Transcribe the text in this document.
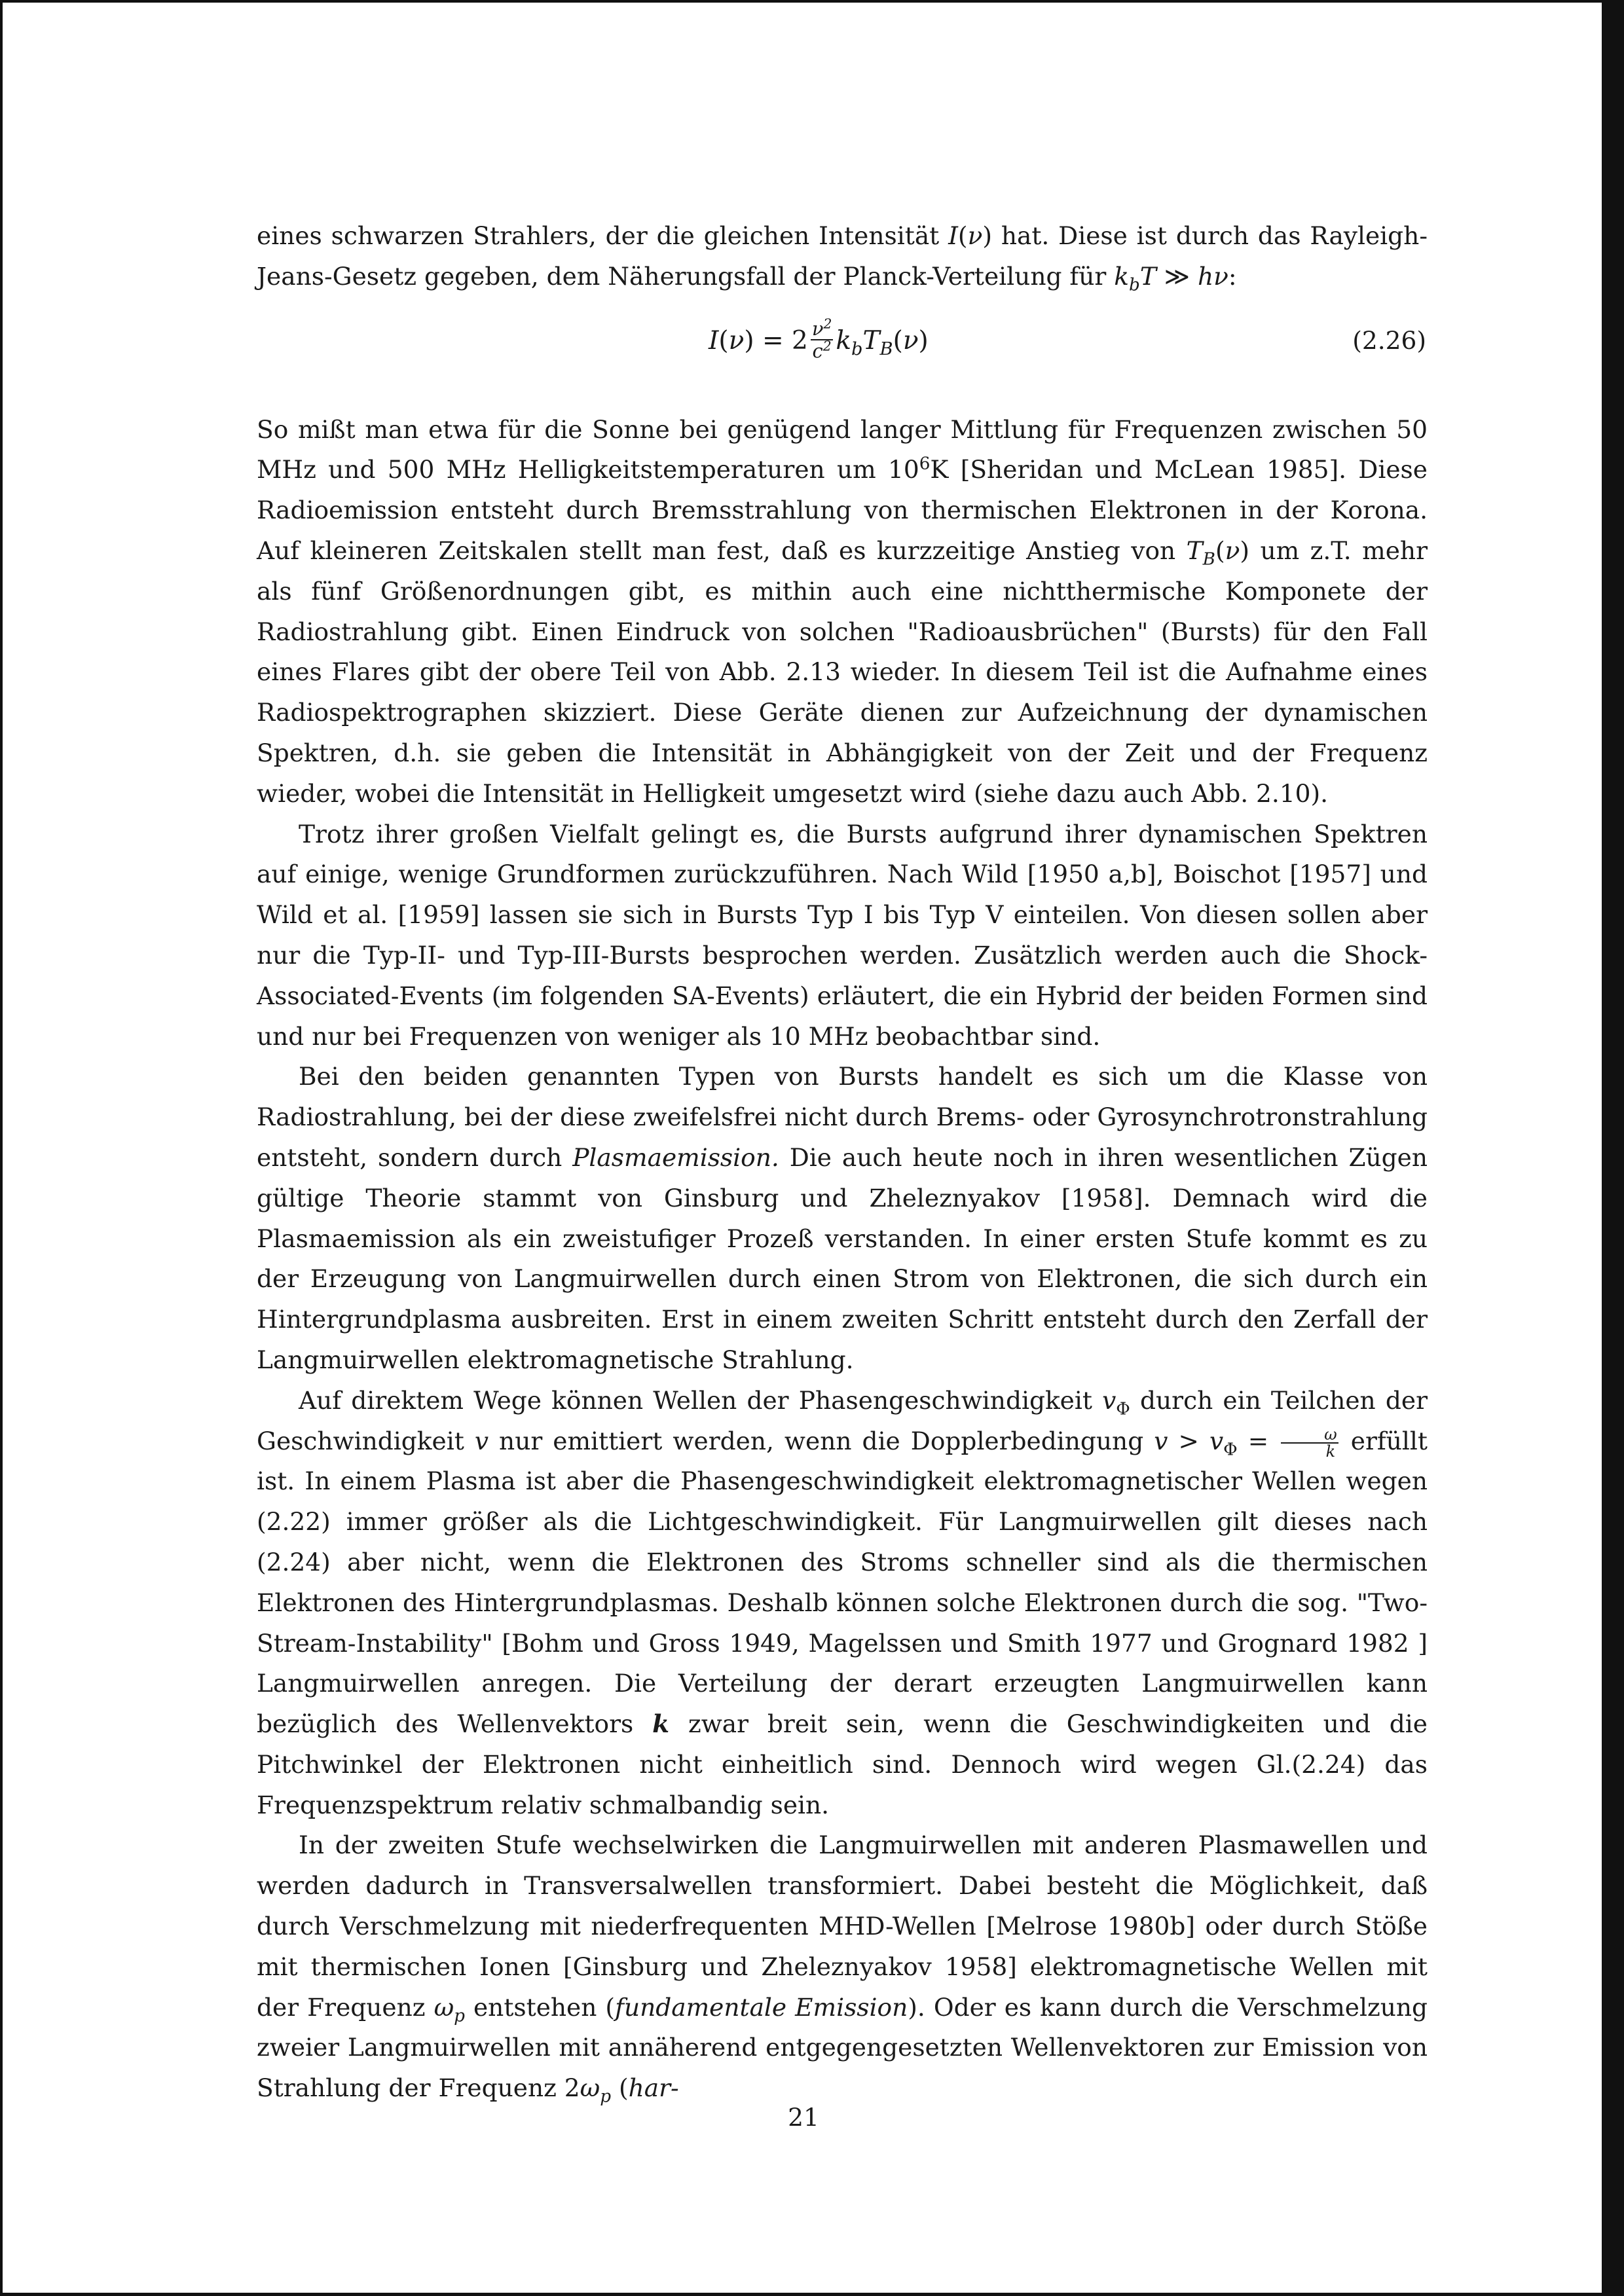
eines schwarzen Strahlers, der die gleichen Intensität I(ν) hat. Diese ist durch das Rayleigh-Jeans-Gesetz gegeben, dem Näherungsfall der Planck-Verteilung für $k_bT$ ≫ hν:

$I(\nu) = 2 \frac{\nu^2}{c^2} k_bT_B(\nu)$	(2.26)

So mißt man etwa für die Sonne bei genügend langer Mittlung für Frequenzen zwischen 50 MHz und 500 MHz Helligkeitstemperaturen um $10^6K$ [Sheridan und McLean 1985]. Diese Radioemission entsteht durch Bremsstrahlung von thermischen Elektronen in der Korona. Auf kleineren Zeitskalen stellt man fest, daß es kurzzeitige Anstieg von $T_B(\nu)$ um z.T. mehr als fünf Größenordnungen gibt, es mithin auch eine nichtthermische Komponete der Radiostrahlung gibt. Einen Eindruck von solchen "Radioausbrüchen" (Bursts) für den Fall eines Flares gibt der obere Teil von Abb. 2.13 wieder. In diesem Teil ist die Aufnahme eines Radiospektrographen skizziert. Diese Geräte dienen zur Aufzeichnung der dynamischen Spektren, d.h. sie geben die Intensität in Abhängigkeit von der Zeit und der Frequenz wieder, wobei die Intensität in Helligkeit umgesetzt wird (siehe dazu auch Abb. 2.10).

Trotz ihrer großen Vielfalt gelingt es, die Bursts aufgrund ihrer dynamischen Spektren auf einige, wenige Grundformen zurückzuführen. Nach Wild [1950 a,b], Boischot [1957] und Wild et al. [1959] lassen sie sich in Bursts Typ I bis Typ V einteilen. Von diesen sollen aber nur die Typ-II- und Typ-III-Bursts besprochen werden. Zusätzlich werden auch die Shock-Associated-Events (im folgenden SA-Events) erläutert, die ein Hybrid der beiden Formen sind und nur bei Frequenzen von weniger als 10 MHz beobachtbar sind.

Bei den beiden genannten Typen von Bursts handelt es sich um die Klasse von Radiostrahlung, bei der diese zweifelsfrei nicht durch Brems- oder Gyrosynchrotronstrahlung entsteht, sondern durch Plasmaemission. Die auch heute noch in ihren wesentlichen Zügen gültige Theorie stammt von Ginsburg und Zheleznyakov [1958]. Demnach wird die Plasmaemission als ein zweistufiger Prozeß verstanden. In einer ersten Stufe kommt es zu der Erzeugung von Langmuirwellen durch einen Strom von Elektronen, die sich durch ein Hintergrundplasma ausbreiten. Erst in einem zweiten Schritt entsteht durch den Zerfall der Langmuirwellen elektromagnetische Strahlung.

Auf direktem Wege können Wellen der Phasengeschwindigkeit $v_\Phi$ durch ein Teilchen der Geschwindigkeit v nur emittiert werden, wenn die Dopplerbedingung $v > v_\Phi = \frac{\omega}{k}$ erfüllt ist. In einem Plasma ist aber die Phasengeschwindigkeit elektromagnetischer Wellen wegen (2.22) immer größer als die Lichtgeschwindigkeit. Für Langmuirwellen gilt dieses nach (2.24) aber nicht, wenn die Elektronen des Stroms schneller sind als die thermischen Elektronen des Hintergrundplasmas. Deshalb können solche Elektronen durch die sog. "Two-Stream-Instability" [Bohm und Gross 1949, Magelssen und Smith 1977 und Grognard 1982 ] Langmuirwellen anregen. Die Verteilung der derart erzeugten Langmuirwellen kann bezüglich des Wellenvektors k zwar breit sein, wenn die Geschwindigkeiten und die Pitchwinkel der Elektronen nicht einheitlich sind. Dennoch wird wegen Gl.(2.24) das Frequenzspektrum relativ schmalbandig sein.

In der zweiten Stufe wechselwirken die Langmuirwellen mit anderen Plasmawellen und werden dadurch in Transversalwellen transformiert. Dabei besteht die Möglichkeit, daß durch Verschmelzung mit niederfrequenten MHD-Wellen [Melrose 1980b] oder durch Stöße mit thermischen Ionen [Ginsburg und Zheleznyakov 1958] elektromagnetische Wellen mit der Frequenz $\omega_p$ entstehen (fundamentale Emission). Oder es kann durch die Verschmelzung zweier Langmuirwellen mit annäherend entgegengesetzten Wellenvektoren zur Emission von Strahlung der Frequenz $2\omega_p$ (har-

21
